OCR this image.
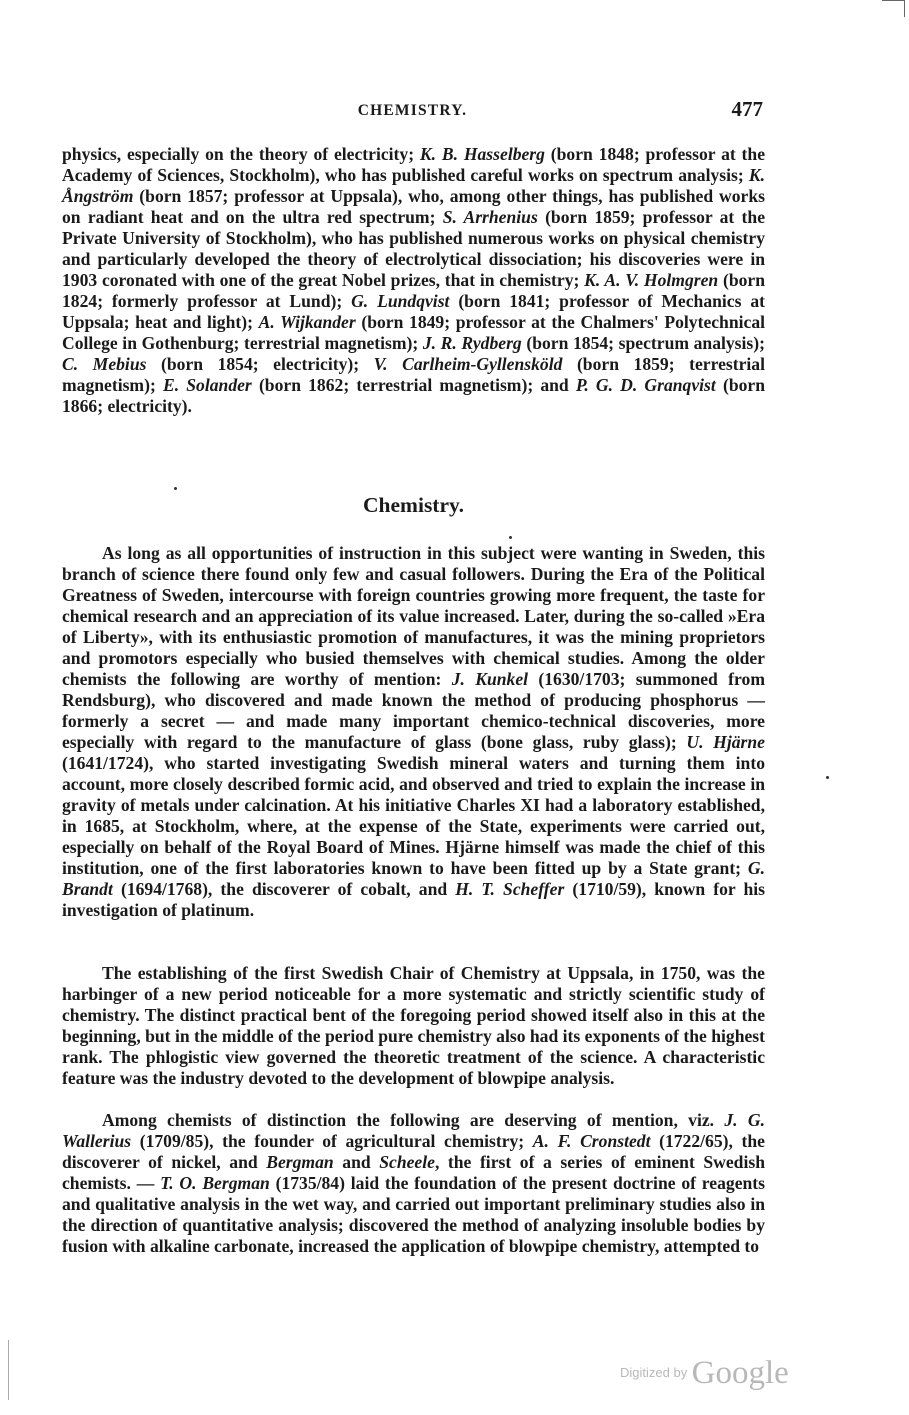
CHEMISTRY.	477
physics, especially on the theory of electricity; K. B. Hasselberg (born 1848; professor at the Academy of Sciences, Stockholm), who has published careful works on spectrum analysis; K. Ångström (born 1857; professor at Uppsala), who, among other things, has published works on radiant heat and on the ultra red spectrum; S. Arrhenius (born 1859; professor at the Private University of Stockholm), who has published numerous works on physical chemistry and particularly developed the theory of electrolytical dissociation; his discoveries were in 1903 coronated with one of the great Nobel prizes, that in chemistry; K. A. V. Holmgren (born 1824; formerly professor at Lund); G. Lundqvist (born 1841; professor of Mechanics at Uppsala; heat and light); A. Wijkander (born 1849; professor at the Chalmers' Polytechnical College in Gothenburg; terrestrial magnetism); J. R. Rydberg (born 1854; spectrum analysis); C. Mebius (born 1854; electricity); V. Carlheim-Gyllensköld (born 1859; terrestrial magnetism); E. Solander (born 1862; terrestrial magnetism); and P. G. D. Granqvist (born 1866; electricity).
Chemistry.
As long as all opportunities of instruction in this subject were wanting in Sweden, this branch of science there found only few and casual followers. During the Era of the Political Greatness of Sweden, intercourse with foreign countries growing more frequent, the taste for chemical research and an appreciation of its value increased. Later, during the so-called »Era of Liberty», with its enthusiastic promotion of manufactures, it was the mining proprietors and promotors especially who busied themselves with chemical studies. Among the older chemists the following are worthy of mention: J. Kunkel (1630/1703; summoned from Rendsburg), who discovered and made known the method of producing phosphorus — formerly a secret — and made many important chemico-technical discoveries, more especially with regard to the manufacture of glass (bone glass, ruby glass); U. Hjärne (1641/1724), who started investigating Swedish mineral waters and turning them into account, more closely described formic acid, and observed and tried to explain the increase in gravity of metals under calcination. At his initiative Charles XI had a laboratory established, in 1685, at Stockholm, where, at the expense of the State, experiments were carried out, especially on behalf of the Royal Board of Mines. Hjärne himself was made the chief of this institution, one of the first laboratories known to have been fitted up by a State grant; G. Brandt (1694/1768), the discoverer of cobalt, and H. T. Scheffer (1710/59), known for his investigation of platinum.
The establishing of the first Swedish Chair of Chemistry at Uppsala, in 1750, was the harbinger of a new period noticeable for a more systematic and strictly scientific study of chemistry. The distinct practical bent of the foregoing period showed itself also in this at the beginning, but in the middle of the period pure chemistry also had its exponents of the highest rank. The phlogistic view governed the theoretic treatment of the science. A characteristic feature was the industry devoted to the development of blowpipe analysis.
Among chemists of distinction the following are deserving of mention, viz. J. G. Wallerius (1709/85), the founder of agricultural chemistry; A. F. Cronstedt (1722/65), the discoverer of nickel, and Bergman and Scheele, the first of a series of eminent Swedish chemists. — T. O. Bergman (1735/84) laid the foundation of the present doctrine of reagents and qualitative analysis in the wet way, and carried out important preliminary studies also in the direction of quantitative analysis; discovered the method of analyzing insoluble bodies by fusion with alkaline carbonate, increased the application of blowpipe chemistry, attempted to
$^{Digitized by}$ Google
